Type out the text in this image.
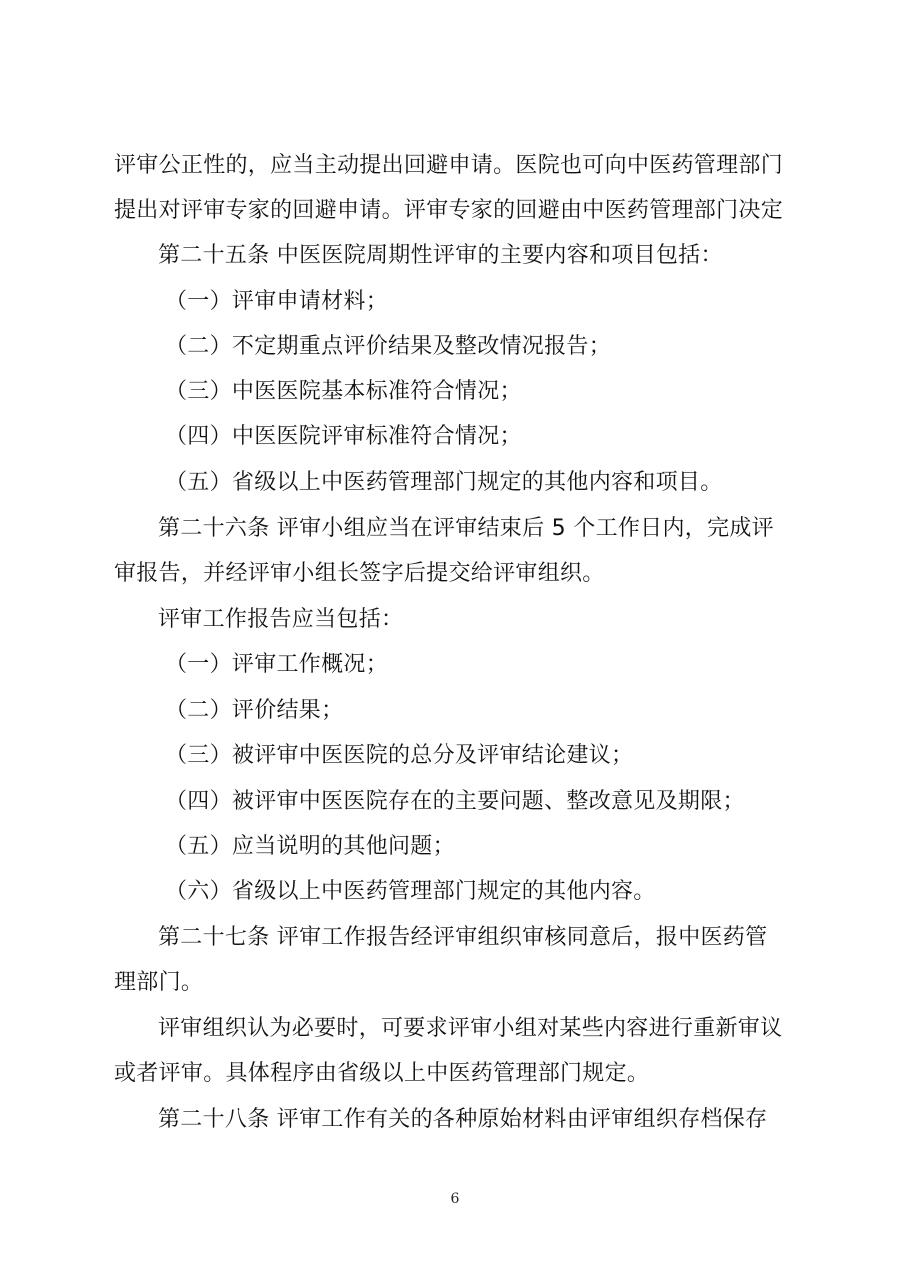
评审公正性的，应当主动提出回避申请。医院也可向中医药管理部门
提出对评审专家的回避申请。评审专家的回避由中医药管理部门决定
第二十五条 中医医院周期性评审的主要内容和项目包括：
（一）评审申请材料；
（二）不定期重点评价结果及整改情况报告；
（三）中医医院基本标准符合情况；
（四）中医医院评审标准符合情况；
（五）省级以上中医药管理部门规定的其他内容和项目。
第二十六条 评审小组应当在评审结束后 5 个工作日内，完成评
审报告，并经评审小组长签字后提交给评审组织。
评审工作报告应当包括：
（一）评审工作概况；
（二）评价结果；
（三）被评审中医医院的总分及评审结论建议；
（四）被评审中医医院存在的主要问题、整改意见及期限；
（五）应当说明的其他问题；
（六）省级以上中医药管理部门规定的其他内容。
第二十七条 评审工作报告经评审组织审核同意后，报中医药管
理部门。
评审组织认为必要时，可要求评审小组对某些内容进行重新审议
或者评审。具体程序由省级以上中医药管理部门规定。
第二十八条 评审工作有关的各种原始材料由评审组织存档保存
6
